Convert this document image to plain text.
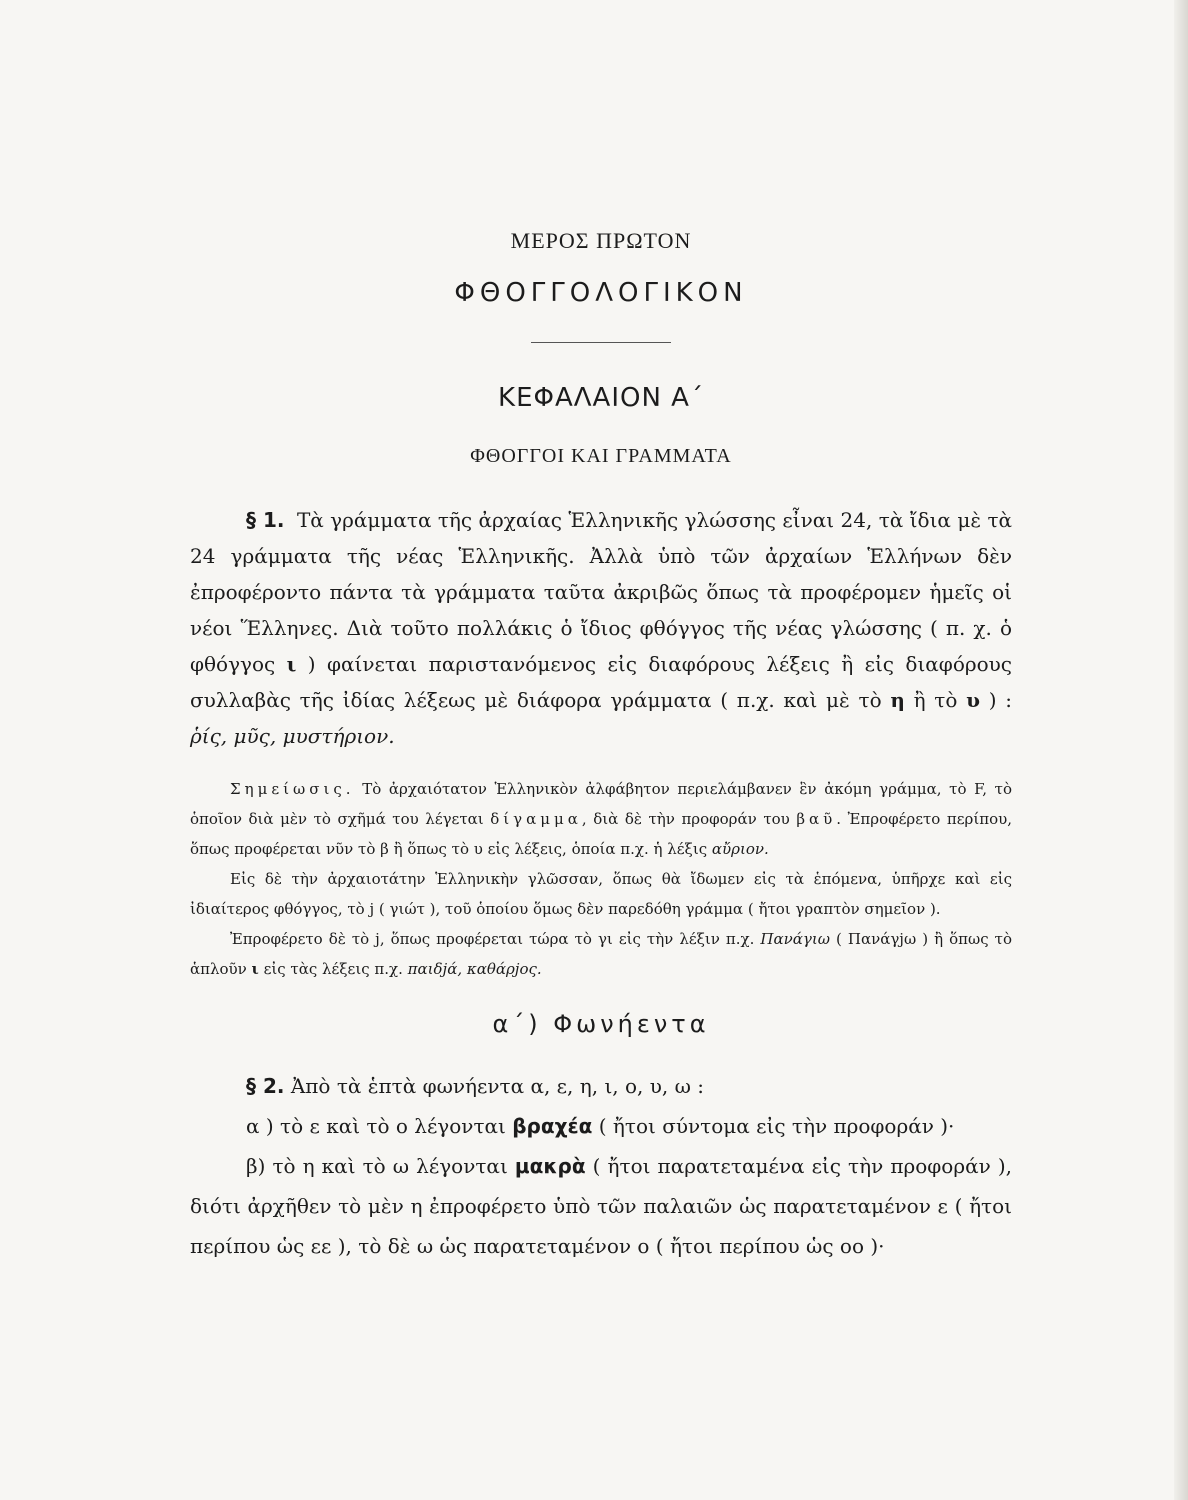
ΜΕΡΟΣ ΠΡΩΤΟΝ
ΦΘΟΓΓΟΛΟΓΙΚΟΝ
ΚΕΦΑΛΑΙΟΝ Α΄
ΦΘΟΓΓΟΙ ΚΑΙ ΓΡΑΜΜΑΤΑ

§ 1. Τὰ γράμματα τῆς ἀρχαίας Ἑλληνικῆς γλώσσης εἶναι 24, τὰ ἴδια μὲ τὰ 24 γράμματα τῆς νέας Ἑλληνικῆς. Ἀλλὰ ὑπὸ τῶν ἀρχαίων Ἑλλήνων δὲν ἐπροφέροντο πάντα τὰ γράμματα ταῦτα ἀκριβῶς ὅπως τὰ προφέρομεν ἡμεῖς οἱ νέοι Ἕλληνες. Διὰ τοῦτο πολλάκις ὁ ἴδιος φθόγγος τῆς νέας γλώσσης ( π. χ. ὁ φθόγγος ι ) φαίνεται παριστανόμενος εἰς διαφόρους λέξεις ἢ εἰς διαφόρους συλλαβὰς τῆς ἰδίας λέξεως μὲ διάφορα γράμματα ( π.χ. καὶ μὲ τὸ η ἢ τὸ υ ) : ῥίς, μῦς, μυστήριον.

Σημείωσις. Τὸ ἀρχαιότατον Ἑλληνικὸν ἀλφάβητον περιελάμβανεν ἓν ἀκόμη γράμμα, τὸ F, τὸ ὁποῖον διὰ μὲν τὸ σχῆμά του λέγεται δίγαμμα, διὰ δὲ τὴν προφοράν του βαῦ. Ἐπροφέρετο περίπου, ὅπως προφέρεται νῦν τὸ β ἢ ὅπως τὸ υ εἰς λέξεις, ὁποία π.χ. ἡ λέξις αὔριον.

Εἰς δὲ τὴν ἀρχαιοτάτην Ἑλληνικὴν γλῶσσαν, ὅπως θὰ ἴδωμεν εἰς τὰ ἑπόμενα, ὑπῆρχε καὶ εἰς ἰδιαίτερος φθόγγος, τὸ j ( γιώτ ), τοῦ ὁποίου ὅμως δὲν παρεδόθη γράμμα ( ἤτοι γραπτὸν σημεῖον ).

Ἐπροφέρετο δὲ τὸ j, ὅπως προφέρεται τώρα τὸ γι εἰς τὴν λέξιν π.χ. Πανάγιω ( Πανάγjω ) ἢ ὅπως τὸ ἁπλοῦν ι εἰς τὰς λέξεις π.χ. παιδjά, καθάρjος.

α΄) Φωνήεντα

§ 2. Ἀπὸ τὰ ἑπτὰ φωνήεντα α, ε, η, ι, ο, υ, ω :

α ) τὸ ε καὶ τὸ ο λέγονται βραχέα ( ἤτοι σύντομα εἰς τὴν προφοράν )·

β) τὸ η καὶ τὸ ω λέγονται μακρὰ ( ἤτοι παρατεταμένα εἰς τὴν προφοράν ), διότι ἀρχῆθεν τὸ μὲν η ἐπροφέρετο ὑπὸ τῶν παλαιῶν ὡς παρατεταμένον ε ( ἤτοι περίπου ὡς εε ), τὸ δὲ ω ὡς παρατεταμένον ο ( ἤτοι περίπου ὡς οο )·
